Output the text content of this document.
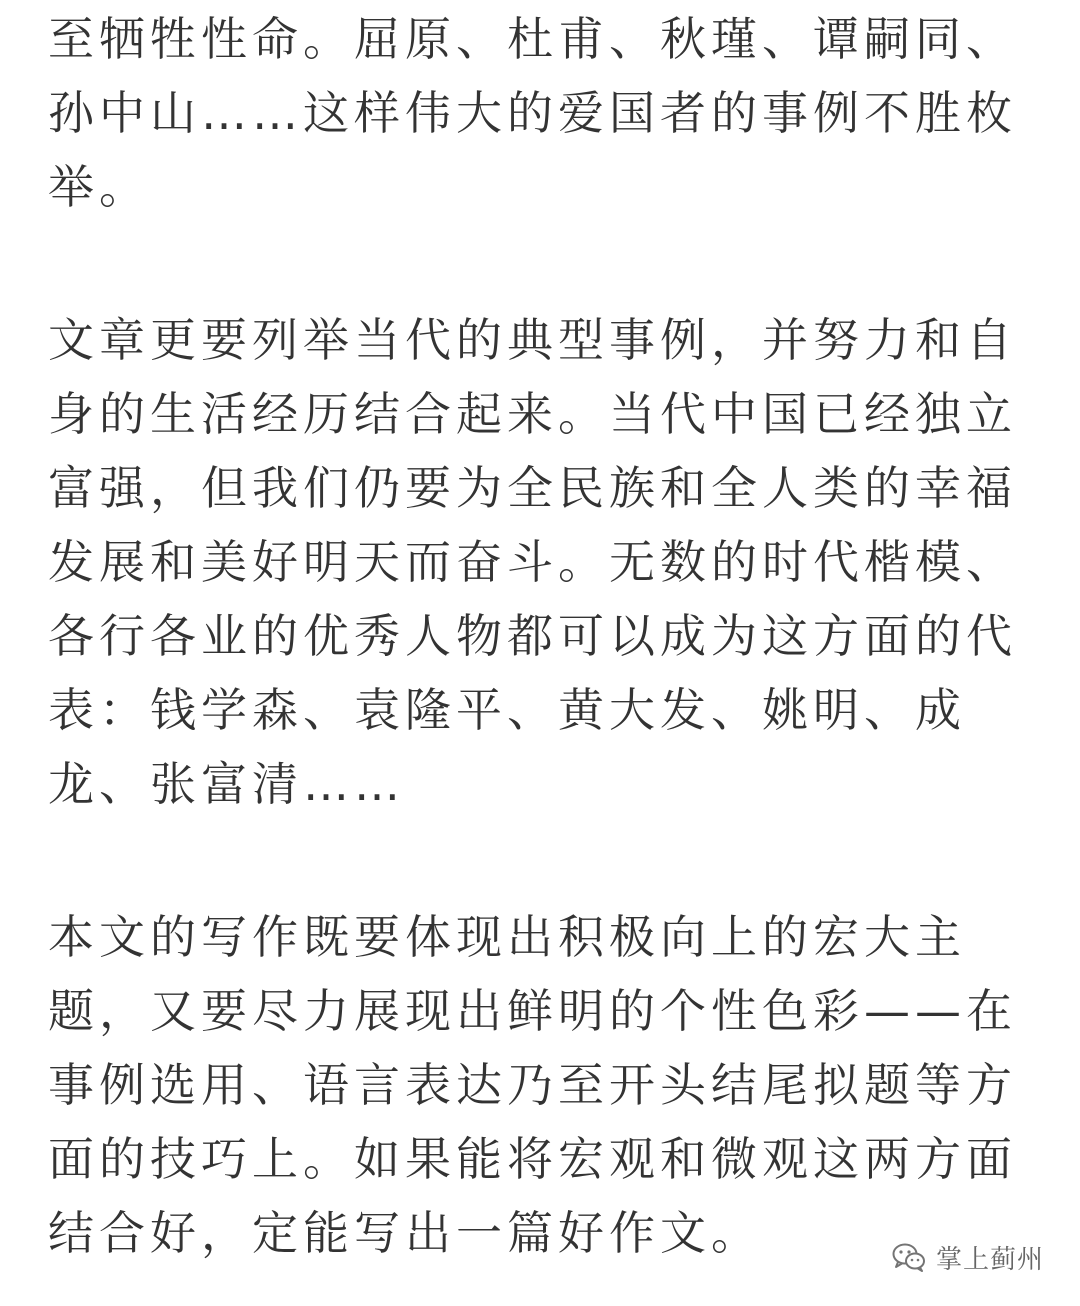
至牺牲性命。屈原、杜甫、秋瑾、谭嗣同、
孙中山……这样伟大的爱国者的事例不胜枚
举。
文章更要列举当代的典型事例，并努力和自
身的生活经历结合起来。当代中国已经独立
富强，但我们仍要为全民族和全人类的幸福
发展和美好明天而奋斗。无数的时代楷模、
各行各业的优秀人物都可以成为这方面的代
表：钱学森、袁隆平、黄大发、姚明、成
龙、张富清……
本文的写作既要体现出积极向上的宏大主
题，又要尽力展现出鲜明的个性色彩——在
事例选用、语言表达乃至开头结尾拟题等方
面的技巧上。如果能将宏观和微观这两方面
结合好，定能写出一篇好作文。	掌上蓟州
